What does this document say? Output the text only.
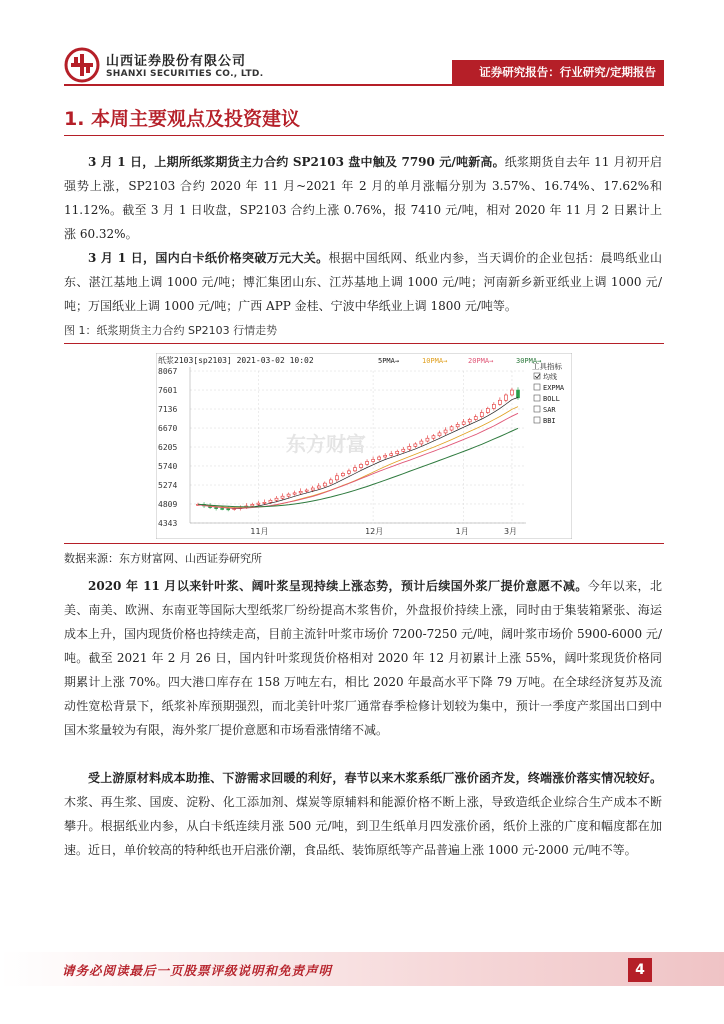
山西证券股份有限公司
SHANXI SECURITIES CO., LTD.	证券研究报告：行业研究/定期报告
1. 本周主要观点及投资建议

3 月 1 日，上期所纸浆期货主力合约 SP2103 盘中触及 7790 元/吨新高。纸浆期货自去年 11 月初开启强势上涨，SP2103 合约 2020 年 11 月~2021 年 2 月的单月涨幅分别为 3.57%、16.74%、17.62%和 11.12%。截至 3 月 1 日收盘，SP2103 合约上涨 0.76%，报 7410 元/吨，相对 2020 年 11 月 2 日累计上涨 60.32%。

3 月 1 日，国内白卡纸价格突破万元大关。根据中国纸网、纸业内参，当天调价的企业包括：晨鸣纸业山东、湛江基地上调 1000 元/吨；博汇集团山东、江苏基地上调 1000 元/吨；河南新乡新亚纸业上调 1000 元/吨；万国纸业上调 1000 元/吨；广西 APP 金桂、宁波中华纸业上调 1800 元/吨等。

图 1：纸浆期货主力合约 SP2103 行情走势
纸浆2103[sp2103] 2021-03-02 10:02	5PMA→	10PMA→	20PMA→	30PMA→
8067
7601
7136
6670
6205
5740
5274
4809
4343
11月	12月	1月	3月
东方财富
工具指标
均线
EXPMA
BOLL
SAR
BBI
数据来源：东方财富网、山西证券研究所

2020 年 11 月以来针叶浆、阔叶浆呈现持续上涨态势，预计后续国外浆厂提价意愿不减。今年以来，北美、南美、欧洲、东南亚等国际大型纸浆厂纷纷提高木浆售价，外盘报价持续上涨，同时由于集装箱紧张、海运成本上升，国内现货价格也持续走高，目前主流针叶浆市场价 7200-7250 元/吨，阔叶浆市场价 5900-6000 元/吨。截至 2021 年 2 月 26 日，国内针叶浆现货价格相对 2020 年 12 月初累计上涨 55%，阔叶浆现货价格同期累计上涨 70%。四大港口库存在 158 万吨左右，相比 2020 年最高水平下降 79 万吨。在全球经济复苏及流动性宽松背景下，纸浆补库预期强烈，而北美针叶浆厂通常春季检修计划较为集中，预计一季度产浆国出口到中国木浆量较为有限，海外浆厂提价意愿和市场看涨情绪不减。

受上游原材料成本助推、下游需求回暖的利好，春节以来木浆系纸厂涨价函齐发，终端涨价落实情况较好。木浆、再生浆、国废、淀粉、化工添加剂、煤炭等原辅料和能源价格不断上涨，导致造纸企业综合生产成本不断攀升。根据纸业内参，从白卡纸连续月涨 500 元/吨，到卫生纸单月四发涨价函，纸价上涨的广度和幅度都在加速。近日，单价较高的特种纸也开启涨价潮，食品纸、装饰原纸等产品普遍上涨 1000 元-2000 元/吨不等。

请务必阅读最后一页股票评级说明和免责声明	4
